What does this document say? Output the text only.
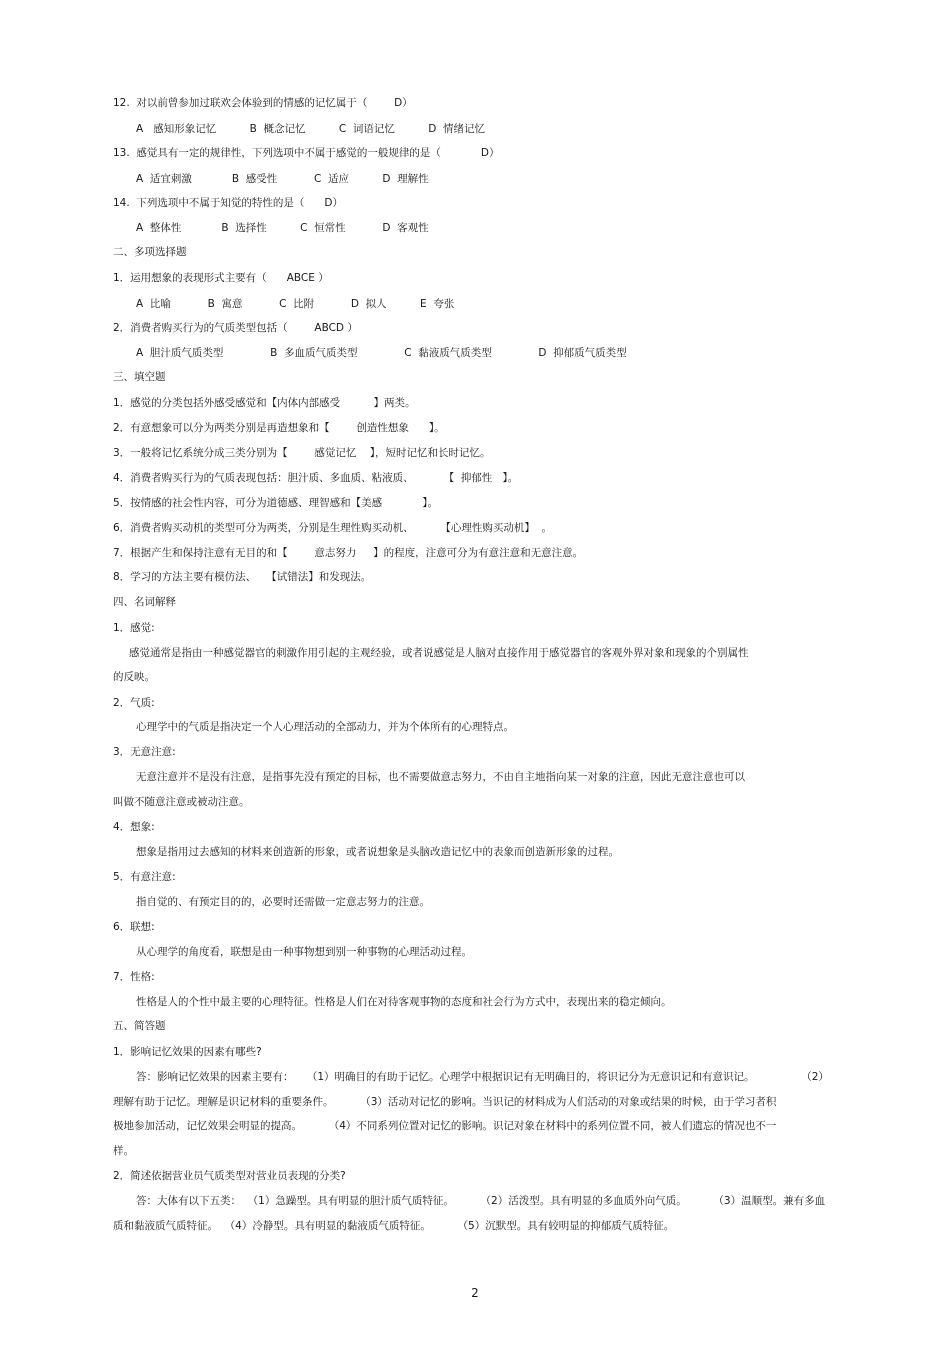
12.  对以前曾参加过联欢会体验到的情感的记忆属于（        D）
A   感知形象记忆          B  概念记忆          C  词语记忆          D  情绪记忆
13.  感觉具有一定的规律性，下列选项中不属于感觉的一般规律的是（            D）
A  适宜刺激            B  感受性           C  适应          D  理解性
14.  下列选项中不属于知觉的特性的是（      D）
A  整体性            B  选择性          C  恒常性           D  客观性
二、多项选择题
1．运用想象的表现形式主要有（      ABCE ）
A  比喻           B  寓意           C  比附           D  拟人          E  夸张
2．消费者购买行为的气质类型包括（        ABCD ）
A  胆汁质气质类型              B  多血质气质类型              C  黏液质气质类型              D  抑郁质气质类型
三、填空题
1．感觉的分类包括外感受感觉和【内体内部感受          】两类。
2．有意想象可以分为两类分别是再造想象和【        创造性想象      】。
3．一般将记忆系统分成三类分别为【        感觉记忆    】，短时记忆和长时记忆。
4．消费者购买行为的气质表现包括：胆汁质、多血质、粘液质、         【  抑郁性   】。
5．按情感的社会性内容，可分为道德感、理智感和【美感            】。
6．消费者购买动机的类型可分为两类，分别是生理性购买动机、        【心理性购买动机】  。
7．根据产生和保持注意有无目的和【        意志努力     】的程度，注意可分为有意注意和无意注意。
8．学习的方法主要有模仿法、   【试错法】和发现法。
四、名词解释
1．感觉:
感觉通常是指由一种感觉器官的刺激作用引起的主观经验，或者说感觉是人脑对直接作用于感觉器官的客观外界对象和现象的个别属性
的反映。
2．气质:
心理学中的气质是指决定一个人心理活动的全部动力，并为个体所有的心理特点。
3．无意注意:
无意注意并不是没有注意，是指事先没有预定的目标，也不需要做意志努力，不由自主地指向某一对象的注意，因此无意注意也可以
叫做不随意注意或被动注意。
4．想象:
想象是指用过去感知的材料来创造新的形象，或者说想象是头脑改造记忆中的表象而创造新形象的过程。
5．有意注意:
指自觉的、有预定目的的，必要时还需做一定意志努力的注意。
6．联想:
从心理学的角度看，联想是由一种事物想到别一种事物的心理活动过程。
7．性格:
性格是人的个性中最主要的心理特征。性格是人们在对待客观事物的态度和社会行为方式中，表现出来的稳定倾向。
五、简答题
1．影响记忆效果的因素有哪些?
答：影响记忆效果的因素主要有：    （1）明确目的有助于记忆。心理学中根据识记有无明确目的，将识记分为无意识记和有意识记。              （2）
理解有助于记忆。理解是识记材料的重要条件。        （3）活动对记忆的影响。当识记的材料成为人们活动的对象或结果的时候，由于学习者积
极地参加活动，记忆效果会明显的提高。        （4）不同系列位置对记忆的影响。识记对象在材料中的系列位置不同，被人们遗忘的情况也不一
样。
2．简述依据营业员气质类型对营业员表现的分类?
答：大体有以下五类：  （1）急躁型。具有明显的胆汁质气质特征。        （2）活泼型。具有明显的多血质外向气质。        （3）温顺型。兼有多血
质和黏液质气质特征。  （4）冷静型。具有明显的黏液质气质特征。        （5）沉默型。具有较明显的抑郁质气质特征。
2
